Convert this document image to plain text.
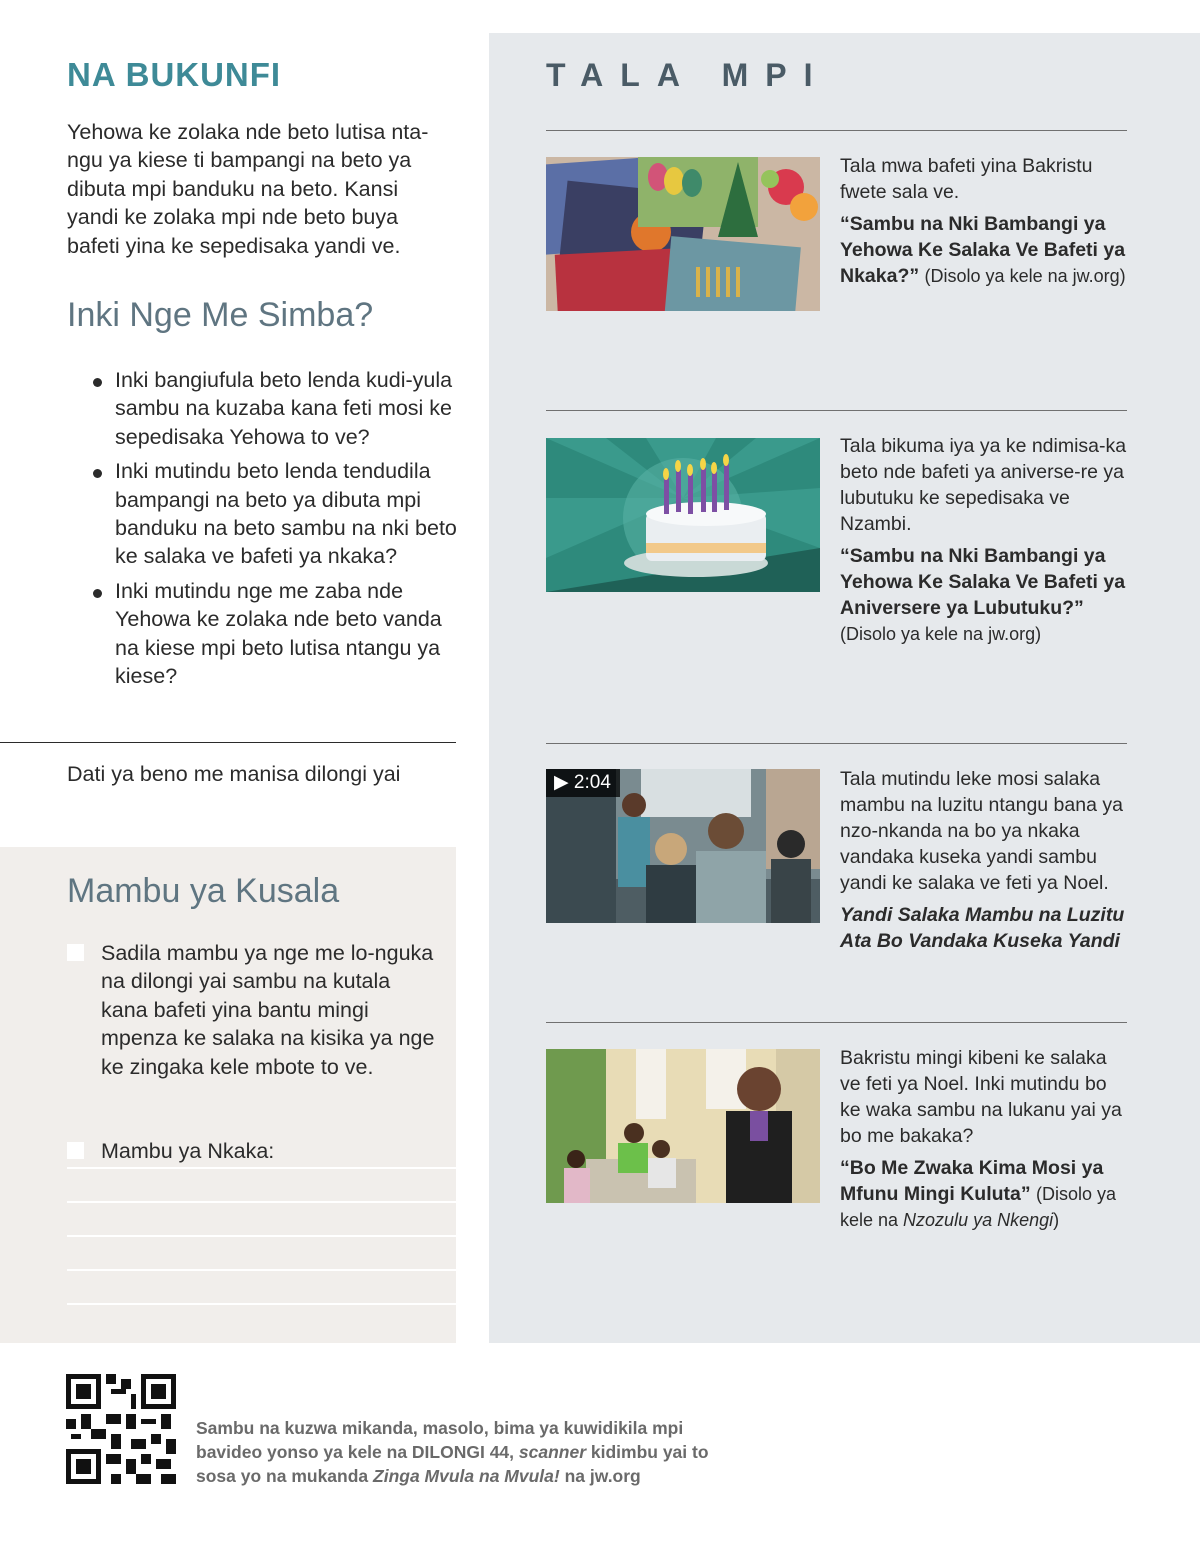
NA BUKUNFI

Yehowa ke zolaka nde beto lutisa nta-ngu ya kiese ti bampangi na beto ya dibuta mpi banduku na beto. Kansi yandi ke zolaka mpi nde beto buya bafeti yina ke sepedisaka yandi ve.

Inki Nge Me Simba?
Inki bangiufula beto lenda kudi-yula sambu na kuzaba kana feti mosi ke sepedisaka Yehowa to ve?
Inki mutindu beto lenda tendudila bampangi na beto ya dibuta mpi banduku na beto sambu na nki beto ke salaka ve bafeti ya nkaka?
Inki mutindu nge me zaba nde Yehowa ke zolaka nde beto vanda na kiese mpi beto lutisa ntangu ya kiese?
Dati ya beno me manisa dilongi yai
Mambu ya Kusala
Sadila mambu ya nge me lo-nguka na dilongi yai sambu na kutala kana bafeti yina bantu mingi mpenza ke salaka na kisika ya nge ke zingaka kele mbote to ve.
Mambu ya Nkaka:
TALA MPI
Tala mwa bafeti yina Bakristu fwete sala ve.
“Sambu na Nki Bambangi ya Yehowa Ke Salaka Ve Bafeti ya Nkaka?” (Disolo ya kele na jw.org)
Tala bikuma iya ya ke ndimisa-ka beto nde bafeti ya aniverse-re ya lubutuku ke sepedisaka ve Nzambi.
“Sambu na Nki Bambangi ya Yehowa Ke Salaka Ve Bafeti ya Aniversere ya Lubutuku?”
(Disolo ya kele na jw.org)
▶ 2:04	Tala mutindu leke mosi salaka mambu na luzitu ntangu bana ya nzo-nkanda na bo ya nkaka vandaka kuseka yandi sambu yandi ke salaka ve feti ya Noel.
Yandi Salaka Mambu na Luzitu Ata Bo Vandaka Kuseka Yandi
Bakristu mingi kibeni ke salaka ve feti ya Noel. Inki mutindu bo ke waka sambu na lukanu yai ya bo me bakaka?
“Bo Me Zwaka Kima Mosi ya Mfunu Mingi Kuluta” (Disolo ya kele na Nzozulu ya Nkengi)
Sambu na kuzwa mikanda, masolo, bima ya kuwidikila mpi bavideo yonso ya kele na DILONGI 44, scanner kidimbu yai to sosa yo na mukanda Zinga Mvula na Mvula! na jw.org
